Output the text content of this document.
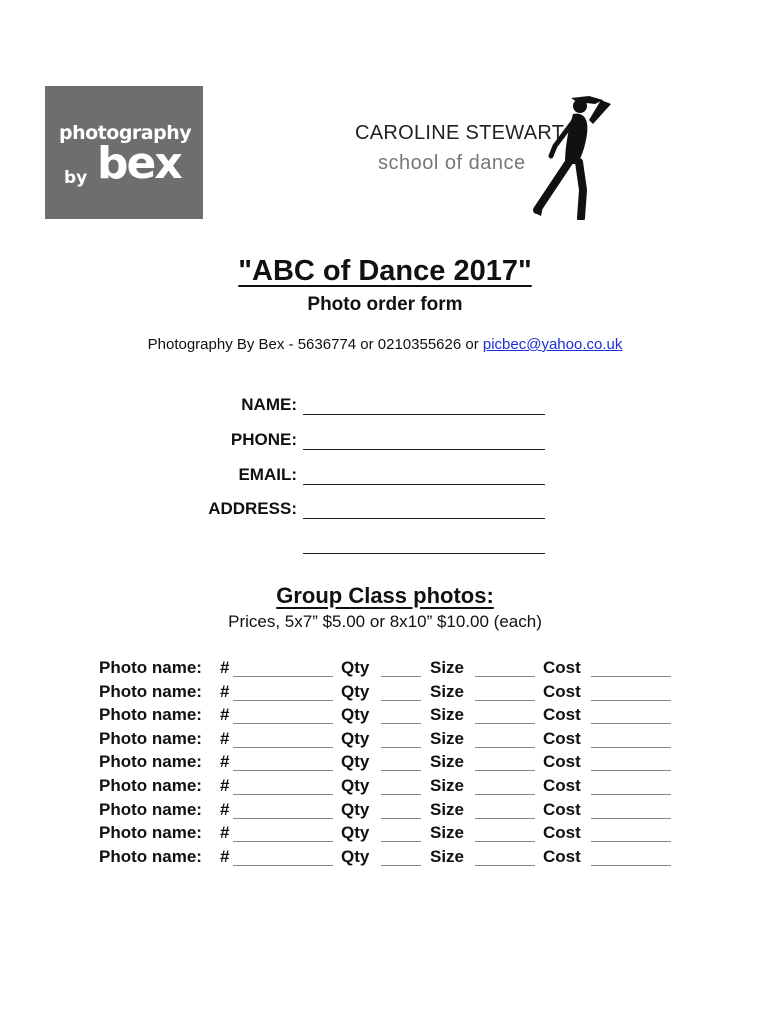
photography
by bex
CAROLINE STEWART
school of dance
"ABC of Dance 2017"
Photo order form
Photography By Bex - 5636774 or 0210355626 or picbec@yahoo.co.uk
NAME:
PHONE:
EMAIL:
ADDRESS:
Group Class photos:
Prices, 5x7” $5.00 or 8x10” $10.00 (each)
Photo name: #	Qty	Size	Cost
Photo name: #	Qty	Size	Cost
Photo name: #	Qty	Size	Cost
Photo name: #	Qty	Size	Cost
Photo name: #	Qty	Size	Cost
Photo name: #	Qty	Size	Cost
Photo name: #	Qty	Size	Cost
Photo name: #	Qty	Size	Cost
Photo name: #	Qty	Size	Cost
